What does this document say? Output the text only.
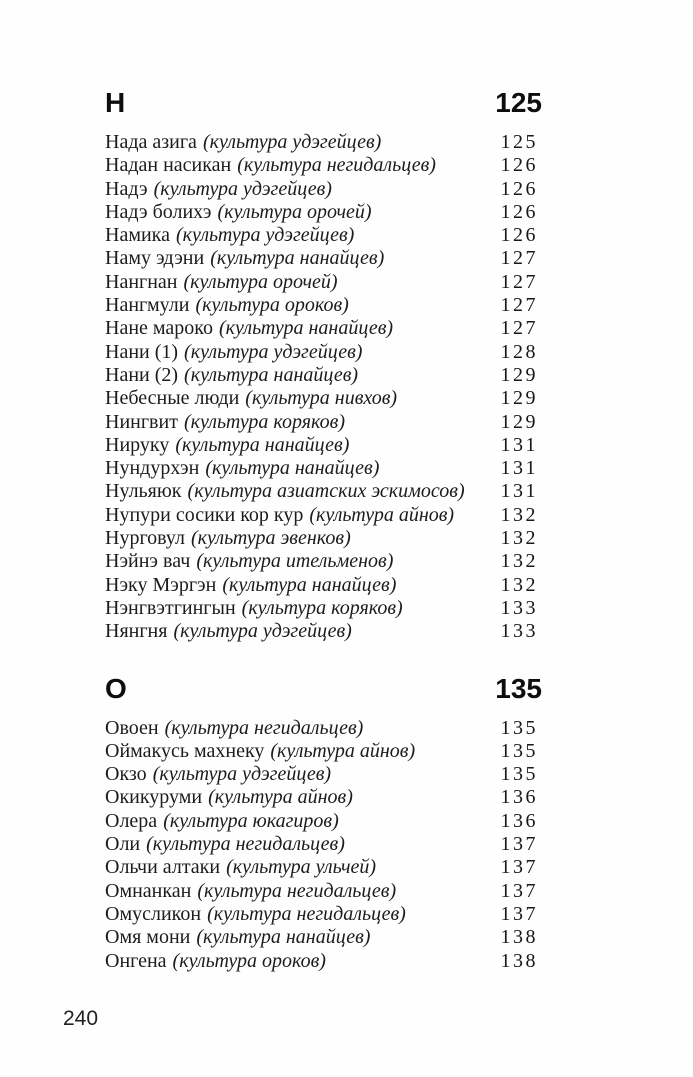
Н	125
Нада азига (культура удэгейцев)	125
Надан насикан (культура негидальцев)	126
Надэ (культура удэгейцев)	126
Надэ болихэ (культура орочей)	126
Намика (культура удэгейцев)	126
Наму эдэни (культура нанайцев)	127
Нангнан (культура орочей)	127
Нангмули (культура ороков)	127
Нане мароко (культура нанайцев)	127
Нани (1) (культура удэгейцев)	128
Нани (2) (культура нанайцев)	129
Небесные люди (культура нивхов)	129
Нингвит (культура коряков)	129
Нируку (культура нанайцев)	131
Нундурхэн (культура нанайцев)	131
Нульяюк (культура азиатских эскимосов)	131
Нупури сосики кор кур (культура айнов)	132
Нурговул (культура эвенков)	132
Нэйнэ вач (культура ительменов)	132
Нэку Мэргэн (культура нанайцев)	132
Нэнгвэтгингын (культура коряков)	133
Нянгня (культура удэгейцев)	133
О	135
Овоен (культура негидальцев)	135
Оймакусь махнеку (культура айнов)	135
Окзо (культура удэгейцев)	135
Окикуруми (культура айнов)	136
Олера (культура юкагиров)	136
Оли (культура негидальцев)	137
Ольчи алтаки (культура ульчей)	137
Омнанкан (культура негидальцев)	137
Омусликон (культура негидальцев)	137
Омя мони (культура нанайцев)	138
Онгена (культура ороков)	138
240
